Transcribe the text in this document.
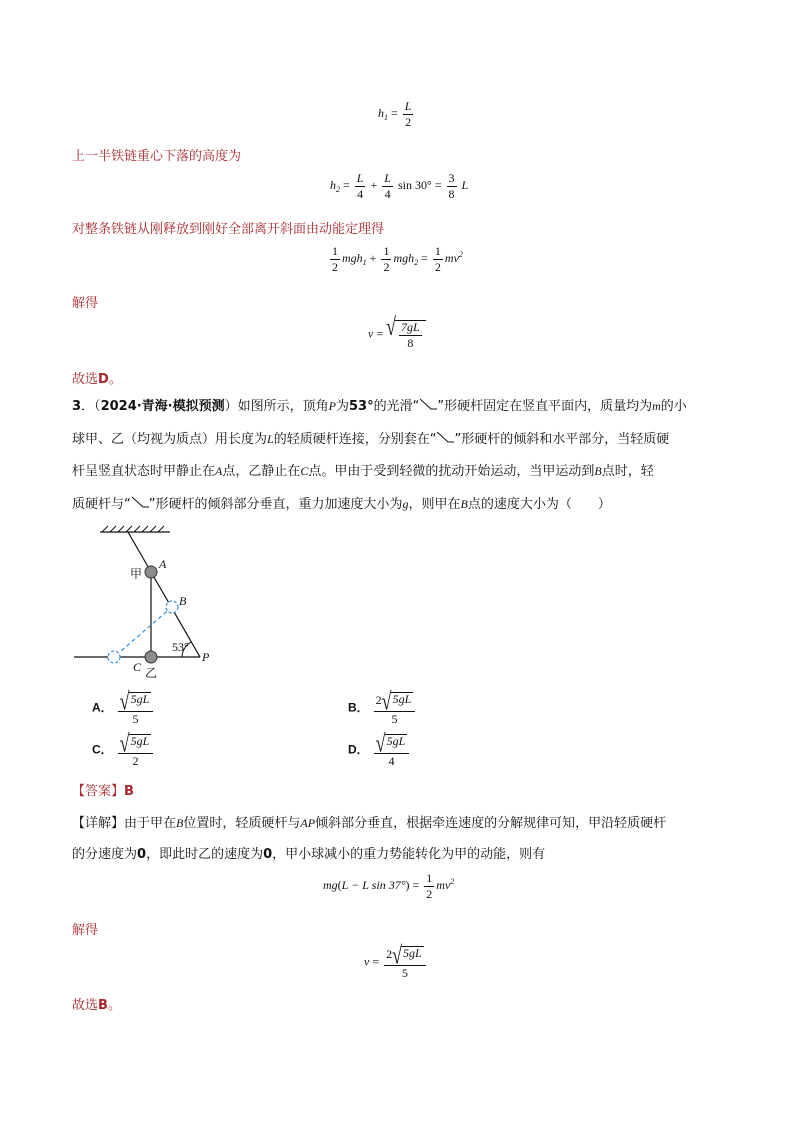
$h_1 = \frac{L}{2}$
上一半铁链重心下落的高度为
$h_2 = \frac{L}{4} + \frac{L}{4}$ $\sin 30^\circ = \frac{3}{8}$ L
对整条铁链从刚释放到刚好全部离开斜面由动能定理得
$\frac{1}{2} mgh_1 + \frac{1}{2} mgh_2 = \frac{1}{2} mv^2$
解得
v = √ $\frac{7gL}{8}$
故选D。
3．（2024·青海·模拟预测）如图所示，顶角P为53°的光滑“ ”形硬杆固定在竖直平面内，质量均为m的小
球甲、乙（均视为质点）用长度为L的轻质硬杆连接，分别套在“ ”形硬杆的倾斜和水平部分，当轻质硬
杆呈竖直状态时甲静止在A点，乙静止在C点。甲由于受到轻微的扰动开始运动，当甲运动到B点时，轻
质硬杆与“ ”形硬杆的倾斜部分垂直，重力加速度大小为g，则甲在B点的速度大小为（　　）
A
甲
B
53°
P
C 乙
A． $\frac{√ 5gL}{5}$	B． $\frac{2 √ 5gL}{5}$
C． $\frac{√ 5gL}{2}$	D． $\frac{√ 5gL}{4}$
【答案】B
【详解】由于甲在B位置时，轻质硬杆与AP倾斜部分垂直，根据牵连速度的分解规律可知，甲沿轻质硬杆
的分速度为0，即此时乙的速度为0，甲小球减小的重力势能转化为甲的动能，则有
mg(L − L $\sin 37^\circ) = \frac{1}{2} mv^2$
解得
$v = \frac{2 √ 5gL}{5}$
故选B。
